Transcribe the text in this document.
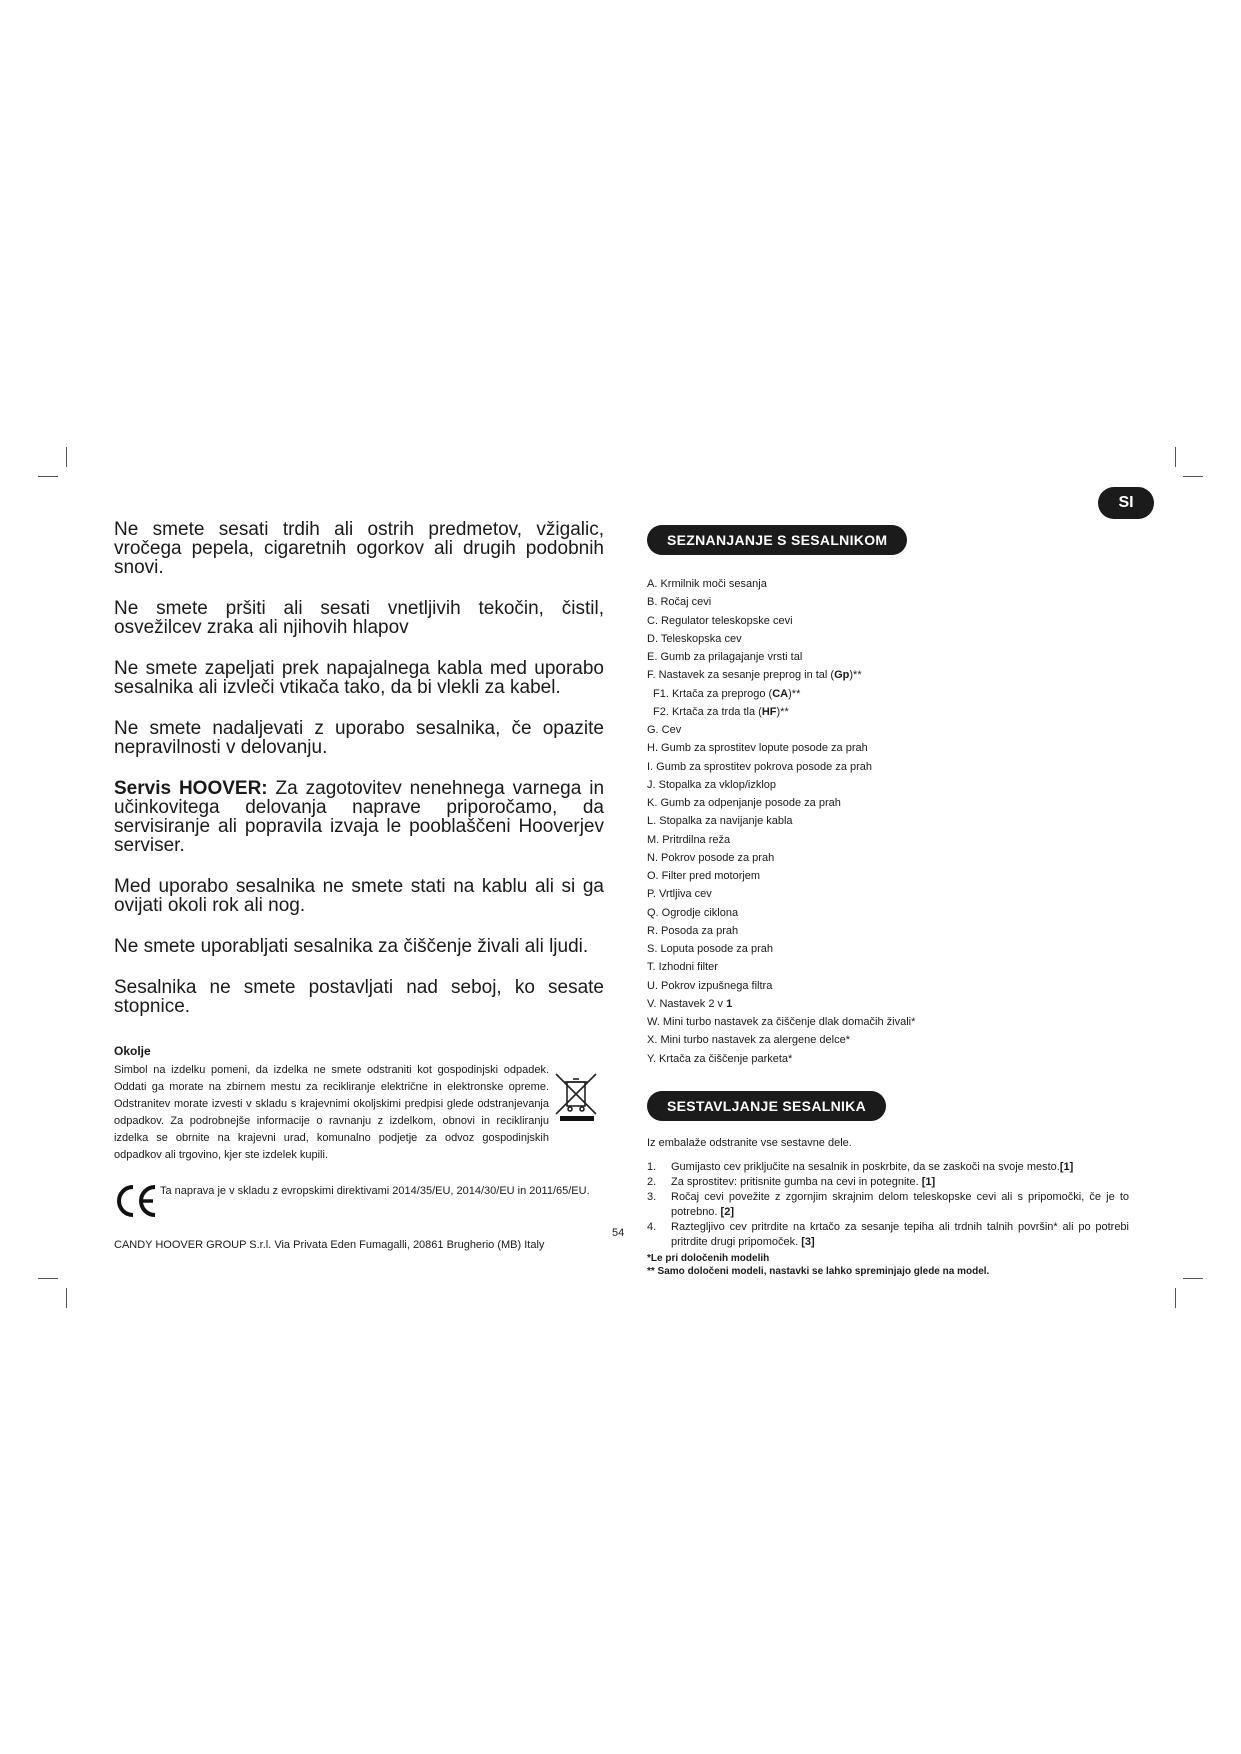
SI

Ne smete sesati trdih ali ostrih predmetov, vžigalic, vročega pepela, cigaretnih ogorkov ali drugih podobnih snovi.

Ne smete pršiti ali sesati vnetljivih tekočin, čistil, osvežilcev zraka ali njihovih hlapov

Ne smete zapeljati prek napajalnega kabla med uporabo sesalnika ali izvleči vtikača tako, da bi vlekli za kabel.

Ne smete nadaljevati z uporabo sesalnika, če opazite nepravilnosti v delovanju.

Servis HOOVER: Za zagotovitev nenehnega varnega in učinkovitega delovanja naprave priporočamo, da servisiranje ali popravila izvaja le pooblaščeni Hooverjev serviser.

Med uporabo sesalnika ne smete stati na kablu ali si ga ovijati okoli rok ali nog.

Ne smete uporabljati sesalnika za čiščenje živali ali ljudi.

Sesalnika ne smete postavljati nad seboj, ko sesate stopnice.

Okolje

Simbol na izdelku pomeni, da izdelka ne smete odstraniti kot gospodinjski odpadek. Oddati ga morate na zbirnem mestu za recikliranje električne in elektronske opreme. Odstranitev morate izvesti v skladu s krajevnimi okoljskimi predpisi glede odstranjevanja odpadkov. Za podrobnejše informacije o ravnanju z izdelkom, obnovi in recikliranju izdelka se obrnite na krajevni urad, komunalno podjetje za odvoz gospodinjskih odpadkov ali trgovino, kjer ste izdelek kupili.

Ta naprava je v skladu z evropskimi direktivami 2014/35/EU, 2014/30/EU in 2011/65/EU.

CANDY HOOVER GROUP S.r.l. Via Privata Eden Fumagalli, 20861 Brugherio (MB) Italy
54
SEZNANJANJE S SESALNIKOM
A. Krmilnik moči sesanja
B. Ročaj cevi
C. Regulator teleskopske cevi
D. Teleskopska cev
E. Gumb za prilagajanje vrsti tal
F. Nastavek za sesanje preprog in tal (Gp)**
F1. Krtača za preprogo (CA)**
F2. Krtača za trda tla (HF)**
G. Cev
H. Gumb za sprostitev lopute posode za prah
I. Gumb za sprostitev pokrova posode za prah
J. Stopalka za vklop/izklop
K. Gumb za odpenjanje posode za prah
L. Stopalka za navijanje kabla
M. Pritrdilna reža
N. Pokrov posode za prah
O. Filter pred motorjem
P. Vrtljiva cev
Q. Ogrodje ciklona
R. Posoda za prah
S. Loputa posode za prah
T. Izhodni filter
U. Pokrov izpušnega filtra
V. Nastavek 2 v 1
W. Mini turbo nastavek za čiščenje dlak domačih živali*
X. Mini turbo nastavek za alergene delce*
Y. Krtača za čiščenje parketa*
SESTAVLJANJE SESALNIKA
Iz embalaže odstranite vse sestavne dele.
1.	Gumijasto cev priključite na sesalnik in poskrbite, da se zaskoči na svoje mesto.[1]
2.	Za sprostitev: pritisnite gumba na cevi in potegnite. [1]
3.	Ročaj cevi povežite z zgornjim skrajnim delom teleskopske cevi ali s pripomočki, če je to potrebno. [2]
4.	Raztegljivo cev pritrdite na krtačo za sesanje tepiha ali trdnih talnih površin* ali po potrebi pritrdite drugi pripomoček. [3]
*Le pri določenih modelih
** Samo določeni modeli, nastavki se lahko spreminjajo glede na model.
